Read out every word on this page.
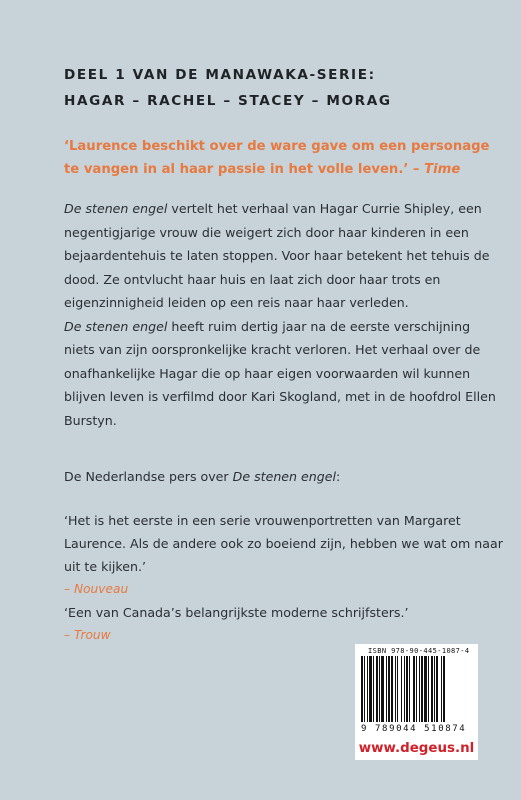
DEEL 1 VAN DE MANAWAKA-SERIE:
HAGAR – RACHEL – STACEY – MORAG
‘Laurence beschikt over de ware gave om een personage
te vangen in al haar passie in het volle leven.’ – Time

De stenen engel vertelt het verhaal van Hagar Currie Shipley, een negentigjarige vrouw die weigert zich door haar kinderen in een bejaardentehuis te laten stoppen. Voor haar betekent het tehuis de dood. Ze ontvlucht haar huis en laat zich door haar trots en eigenzinnigheid leiden op een reis naar haar verleden.

De stenen engel heeft ruim dertig jaar na de eerste verschijning niets van zijn oorspronkelijke kracht verloren. Het verhaal over de onafhankelijke Hagar die op haar eigen voorwaarden wil kunnen blijven leven is verfilmd door Kari Skogland, met in de hoofdrol Ellen Burstyn.

De Nederlandse pers over De stenen engel:
‘Het is het eerste in een serie vrouwenportretten van Margaret Laurence. Als de andere ook zo boeiend zijn, hebben we wat om naar uit te kijken.’
– Nouveau
‘Een van Canada’s belangrijkste moderne schrijfsters.’
– Trouw
ISBN 978-90-445-1087-4
9 789044 510874
www.degeus.nl
